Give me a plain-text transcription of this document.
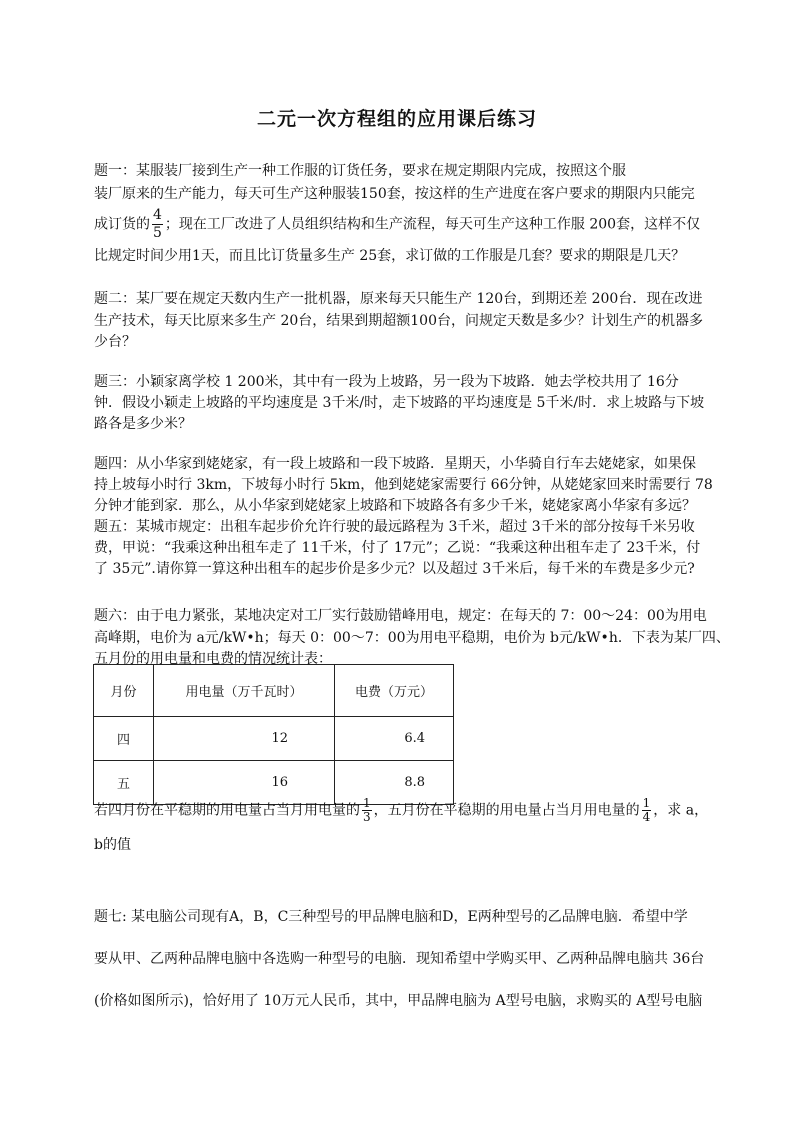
二元一次方程组的应用课后练习
题一：某服装厂接到生产一种工作服的订货任务，要求在规定期限内完成，按照这个服
装厂原来的生产能力，每天可生产这种服装150套，按这样的生产进度在客户要求的期限内只能完
成订货的 $\frac{4}{5}$ ；现在工厂改进了人员组织结构和生产流程，每天可生产这种工作服 200套，这样不仅
比规定时间少用1天，而且比订货量多生产 25套，求订做的工作服是几套？要求的期限是几天？
题二：某厂要在规定天数内生产一批机器，原来每天只能生产 120台，到期还差 200台．现在改进
生产技术，每天比原来多生产 20台，结果到期超额100台，问规定天数是多少？计划生产的机器多
少台？
题三：小颖家离学校 1 200米，其中有一段为上坡路，另一段为下坡路．她去学校共用了 16分
钟．假设小颖走上坡路的平均速度是 3千米/时，走下坡路的平均速度是 5千米/时．求上坡路与下坡
路各是多少米？
题四：从小华家到姥姥家，有一段上坡路和一段下坡路．星期天，小华骑自行车去姥姥家，如果保
持上坡每小时行 3km，下坡每小时行 5km，他到姥姥家需要行 66分钟，从姥姥家回来时需要行 78
分钟才能到家．那么，从小华家到姥姥家上坡路和下坡路各有多少千米，姥姥家离小华家有多远？
题五：某城市规定：出租车起步价允许行驶的最远路程为 3千米，超过 3千米的部分按每千米另收
费，甲说：“我乘这种出租车走了 11千米，付了 17元”；乙说：“我乘这种出租车走了 23千米，付
了 35元”.请你算一算这种出租车的起步价是多少元？以及超过 3千米后，每千米的车费是多少元?
题六：由于电力紧张，某地决定对工厂实行鼓励错峰用电，规定：在每天的 7：00～24：00为用电
高峰期，电价为 a元/kW•h；每天 0：00～7：00为用电平稳期，电价为 b元/kW•h．下表为某厂四、
五月份的用电量和电费的情况统计表：
月份	用电量（万千瓦时）	电费（万元）
四	12	6.4
五	16	8.8
若四月份在平稳期的用电量占当月用电量的 $\frac{1}{3}$ ，五月份在平稳期的用电量占当月用电量的 $\frac{1}{4}$ ，求 a，
b的值
题七: 某电脑公司现有A，B，C三种型号的甲品牌电脑和D，E两种型号的乙品牌电脑．希望中学
要从甲、乙两种品牌电脑中各选购一种型号的电脑．现知希望中学购买甲、乙两种品牌电脑共 36台
(价格如图所示)，恰好用了 10万元人民币，其中，甲品牌电脑为 A型号电脑，求购买的 A型号电脑
